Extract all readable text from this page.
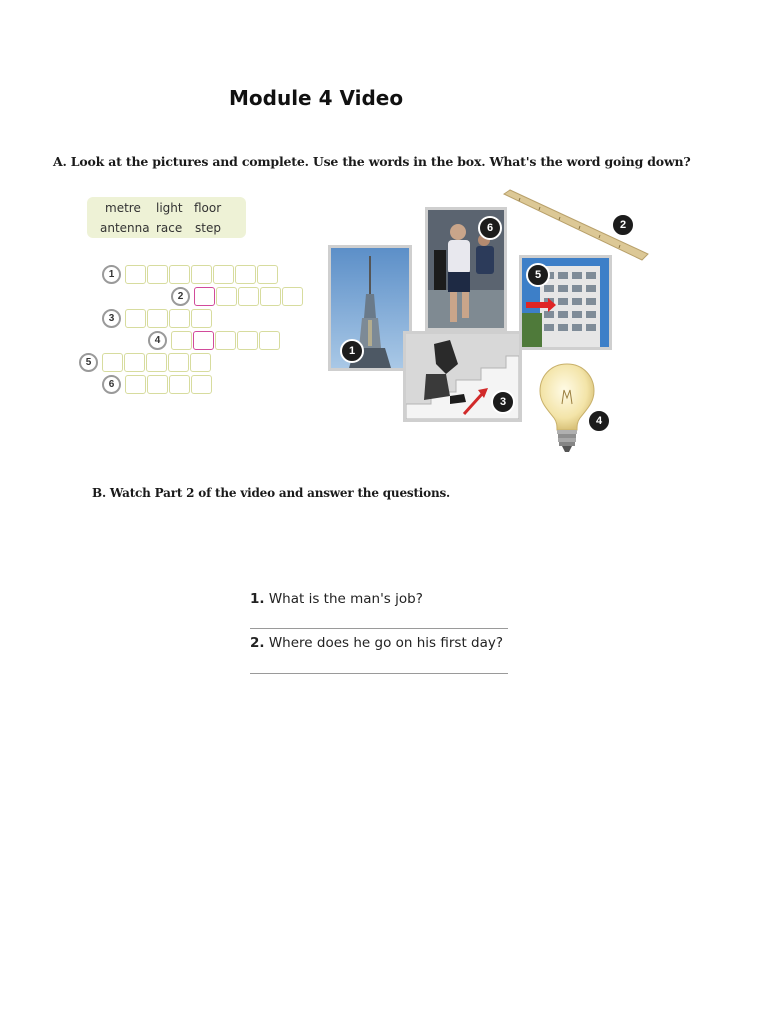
Module 4 Video
A. Look at the pictures and complete. Use the words in the box. What's the word going down?
metre light floor
antenna race step
1
2
3
4
5
6
1
6	2
5
3
4
B. Watch Part 2 of the video and answer the questions.
1. What is the man's job?
2. Where does he go on his first day?
